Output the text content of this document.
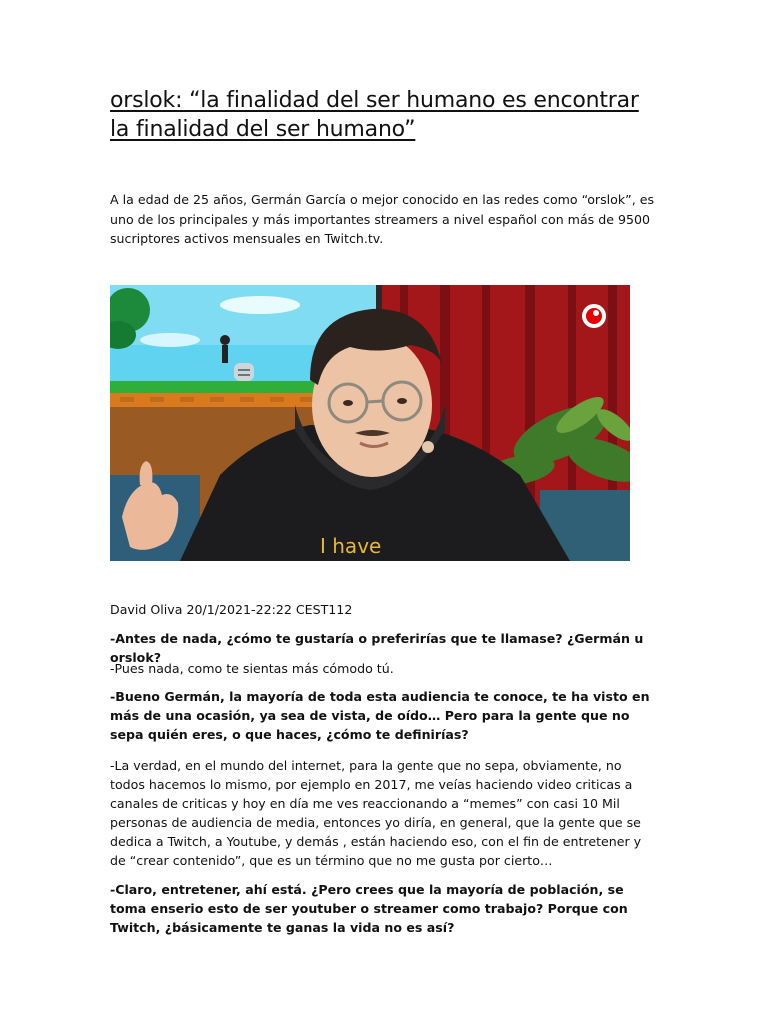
orslok: “la finalidad del ser humano es encontrar la finalidad del ser humano”

A la edad de 25 años, Germán García o mejor conocido en las redes como “orslok”, es uno de los principales y más importantes streamers a nivel español con más de 9500 sucriptores activos mensuales en Twitch.tv.

I have

David Oliva 20/1/2021-22:22 CEST112

-Antes de nada, ¿cómo te gustaría o preferirías que te llamase? ¿Germán u orslok?

-Pues nada, como te sientas más cómodo tú.

-Bueno Germán, la mayoría de toda esta audiencia te conoce, te ha visto en más de una ocasión, ya sea de vista, de oído… Pero para la gente que no sepa quién eres, o que haces, ¿cómo te definirías?

-La verdad, en el mundo del internet, para la gente que no sepa, obviamente, no todos hacemos lo mismo, por ejemplo en 2017, me veías haciendo video criticas a canales de criticas y hoy en día me ves reaccionando a “memes” con casi 10 Mil personas de audiencia de media, entonces yo diría, en general, que la gente que se dedica a Twitch, a Youtube, y demás , están haciendo eso, con el fin de entretener y de “crear contenido”, que es un término que no me gusta por cierto…

-Claro, entretener, ahí está. ¿Pero crees que la mayoría de población, se toma enserio esto de ser youtuber o streamer como trabajo? Porque con Twitch, ¿básicamente te ganas la vida no es así?
